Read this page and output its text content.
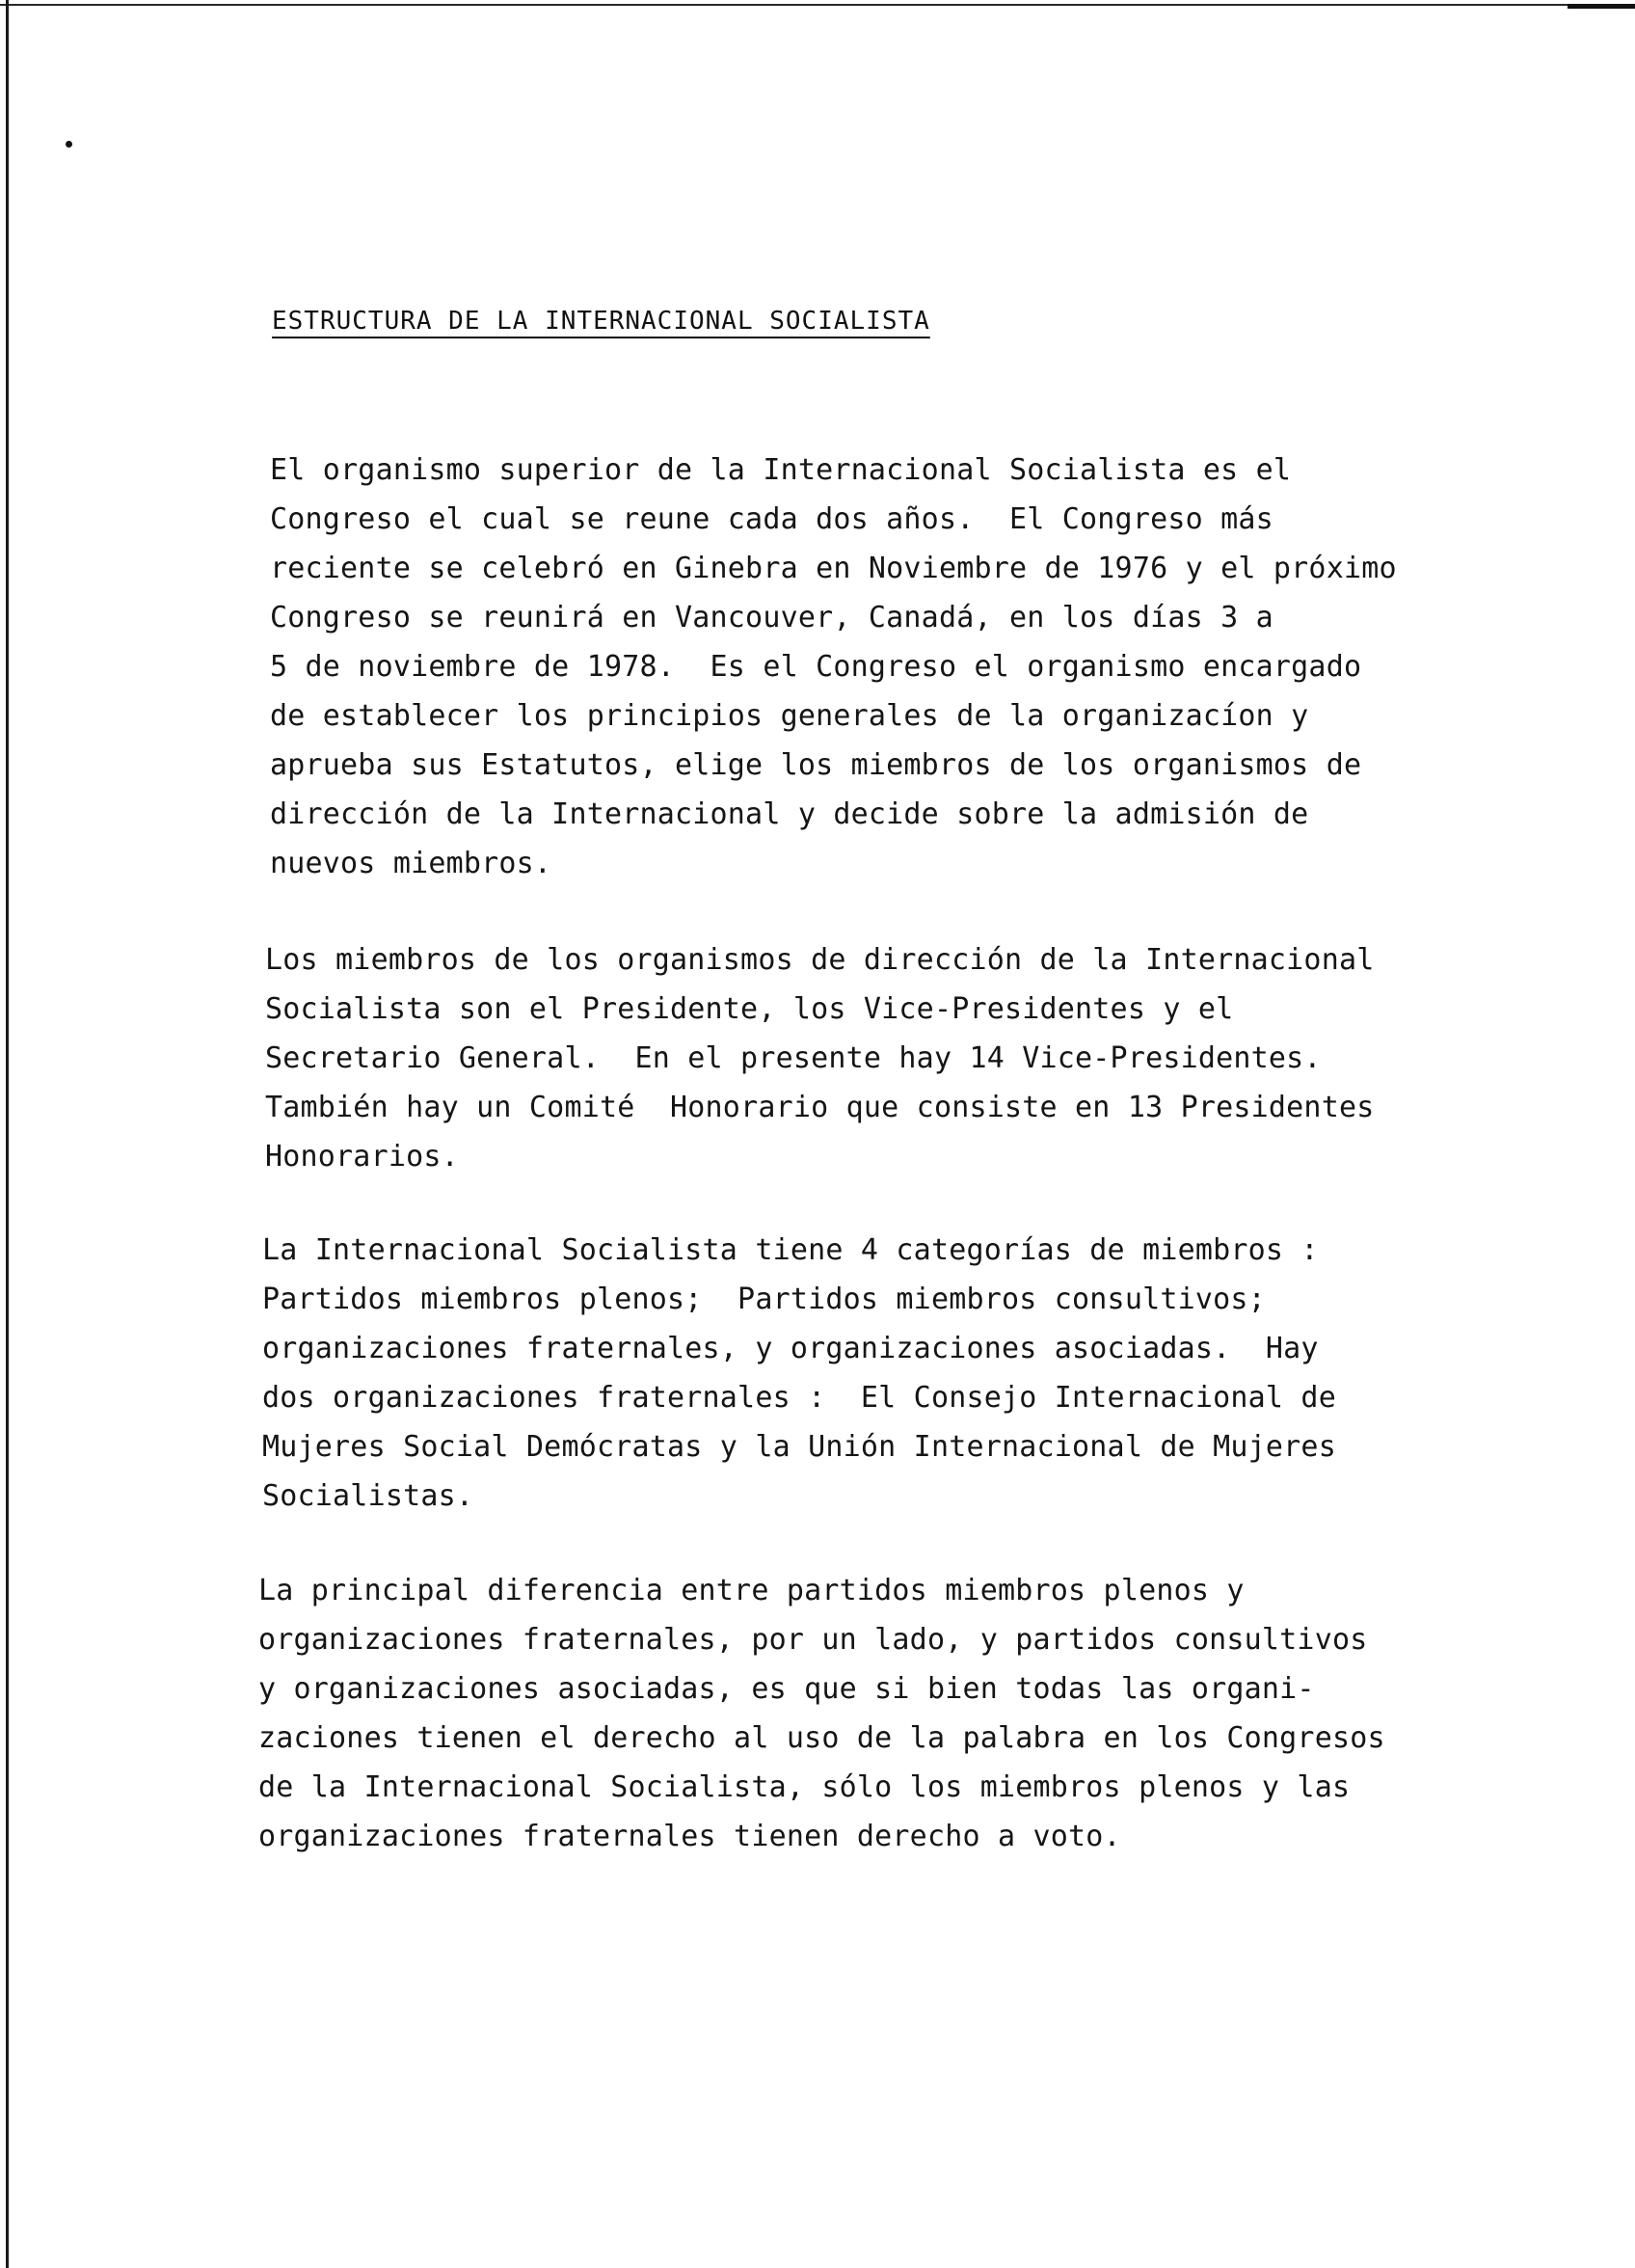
ESTRUCTURA DE LA INTERNACIONAL SOCIALISTA

El organismo superior de la Internacional Socialista es el
Congreso el cual se reune cada dos años.  El Congreso más
reciente se celebró en Ginebra en Noviembre de 1976 y el próximo
Congreso se reunirá en Vancouver, Canadá, en los días 3 a
5 de noviembre de 1978.  Es el Congreso el organismo encargado
de establecer los principios generales de la organizacíon y
aprueba sus Estatutos, elige los miembros de los organismos de
dirección de la Internacional y decide sobre la admisión de
nuevos miembros.

Los miembros de los organismos de dirección de la Internacional
Socialista son el Presidente, los Vice-Presidentes y el
Secretario General.  En el presente hay 14 Vice-Presidentes.
También hay un Comité  Honorario que consiste en 13 Presidentes
Honorarios.

La Internacional Socialista tiene 4 categorías de miembros :
Partidos miembros plenos;  Partidos miembros consultivos;
organizaciones fraternales, y organizaciones asociadas.  Hay
dos organizaciones fraternales :  El Consejo Internacional de
Mujeres Social Demócratas y la Unión Internacional de Mujeres
Socialistas.

La principal diferencia entre partidos miembros plenos y
organizaciones fraternales, por un lado, y partidos consultivos
y organizaciones asociadas, es que si bien todas las organi-
zaciones tienen el derecho al uso de la palabra en los Congresos
de la Internacional Socialista, sólo los miembros plenos y las
organizaciones fraternales tienen derecho a voto.
